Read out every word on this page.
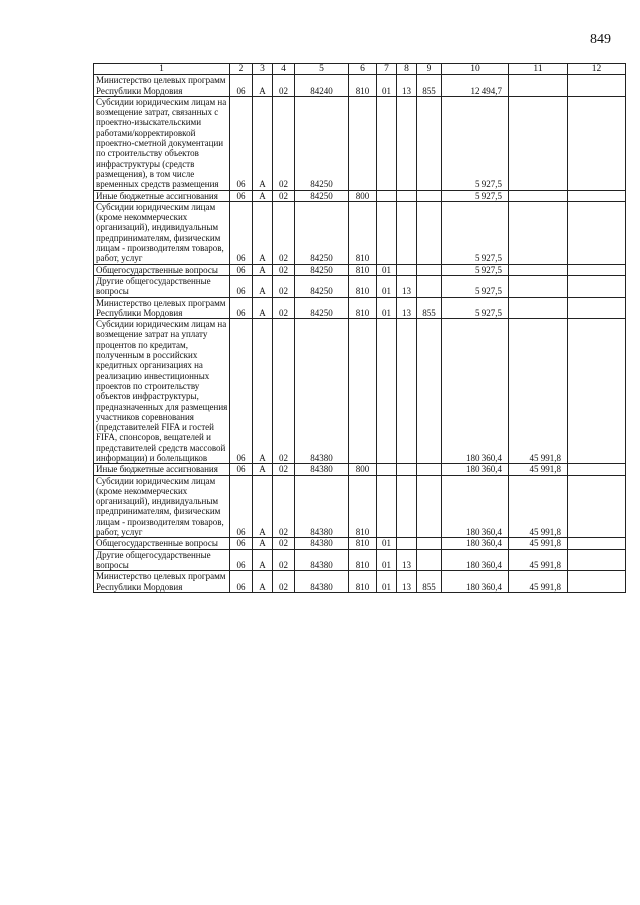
849
1	2	3	4	5	6	7	8	9	10	11	12
Министерство целевых программ Республики Мордовия	06	А	02	84240	810	01	13	855	12 494,7		
Субсидии юридическим лицам на возмещение затрат, связанных с проектно-изыскательскими работами/корректировкой проектно-сметной документации по строительству объектов инфраструктуры (средств размещения), в том числе временных средств размещения	06	А	02	84250					5 927,5		
Иные бюджетные ассигнования	06	А	02	84250	800				5 927,5		
Субсидии юридическим лицам (кроме некоммерческих организаций), индивидуальным предпринимателям, физическим лицам - производителям товаров, работ, услуг	06	А	02	84250	810				5 927,5		
Общегосударственные вопросы	06	А	02	84250	810	01			5 927,5		
Другие общегосударственные вопросы	06	А	02	84250	810	01	13		5 927,5		
Министерство целевых программ Республики Мордовия	06	А	02	84250	810	01	13	855	5 927,5		
Субсидии юридическим лицам на возмещение затрат на уплату процентов по кредитам, полученным в российских кредитных организациях на реализацию инвестиционных проектов по строительству объектов инфраструктуры, предназначенных для размещения участников соревнования (представителей FIFA и гостей FIFA, спонсоров, вещателей и представителей средств массовой информации) и болельщиков	06	А	02	84380					180 360,4	45 991,8	
Иные бюджетные ассигнования	06	А	02	84380	800				180 360,4	45 991,8	
Субсидии юридическим лицам (кроме некоммерческих организаций), индивидуальным предпринимателям, физическим лицам - производителям товаров, работ, услуг	06	А	02	84380	810				180 360,4	45 991,8	
Общегосударственные вопросы	06	А	02	84380	810	01			180 360,4	45 991,8	
Другие общегосударственные вопросы	06	А	02	84380	810	01	13		180 360,4	45 991,8	
Министерство целевых программ Республики Мордовия	06	А	02	84380	810	01	13	855	180 360,4	45 991,8	
